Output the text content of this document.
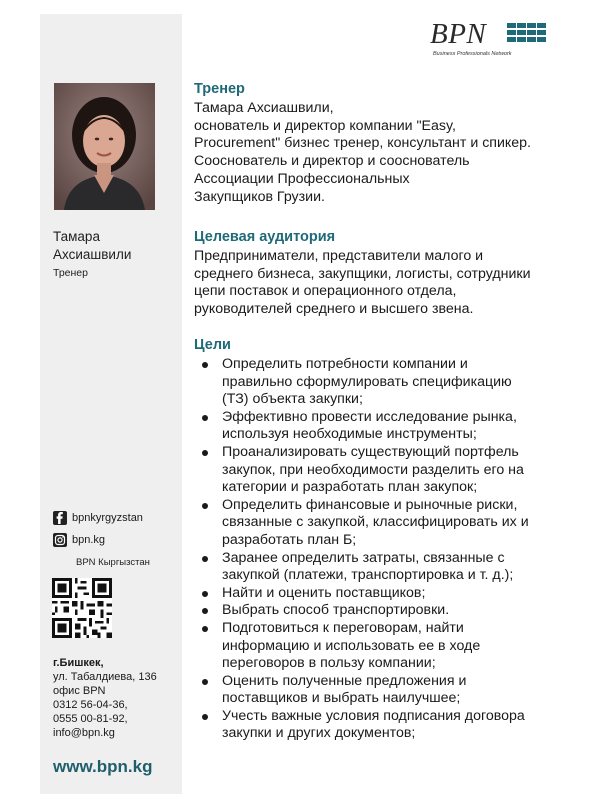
Тамара
Ахсиашвили
Тренер
bpnkyrgyzstan
bpn.kg
BPN Кыргызстан
г.Бишкек,
ул. Табалдиева, 136
офис BPN
0312 56-04-36,
0555 00-81-92,
info@bpn.kg
www.bpn.kg
BPN
Business Professionals Network
Тренер
Тамара Ахсиашвили,
основатель и директор компании "Easy,
Procurement" бизнес тренер, консультант и спикер.
Сооснователь и директор и сооснователь
Ассоциации Профессиональных
Закупщиков Грузии.
Целевая аудитория
Предприниматели, представители малого и
среднего бизнеса, закупщики, логисты, сотрудники
цепи поставок и операционного отдела,
руководителей среднего и высшего звена.
Цели
Определить потребности компании и
правильно сформулировать спецификацию
(ТЗ) объекта закупки;
Эффективно провести исследование рынка,
используя необходимые инструменты;
Проанализировать существующий портфель
закупок, при необходимости разделить его на
категории и разработать план закупок;
Определить финансовые и рыночные риски,
связанные с закупкой, классифицировать их и
разработать план Б;
Заранее определить затраты, связанные с
закупкой (платежи, транспортировка и т. д.);
Найти и оценить поставщиков;
Выбрать способ транспортировки.
Подготовиться к переговорам, найти
информацию и использовать ее в ходе
переговоров в пользу компании;
Оценить полученные предложения и
поставщиков и выбрать наилучшее;
Учесть важные условия подписания договора
закупки и других документов;
